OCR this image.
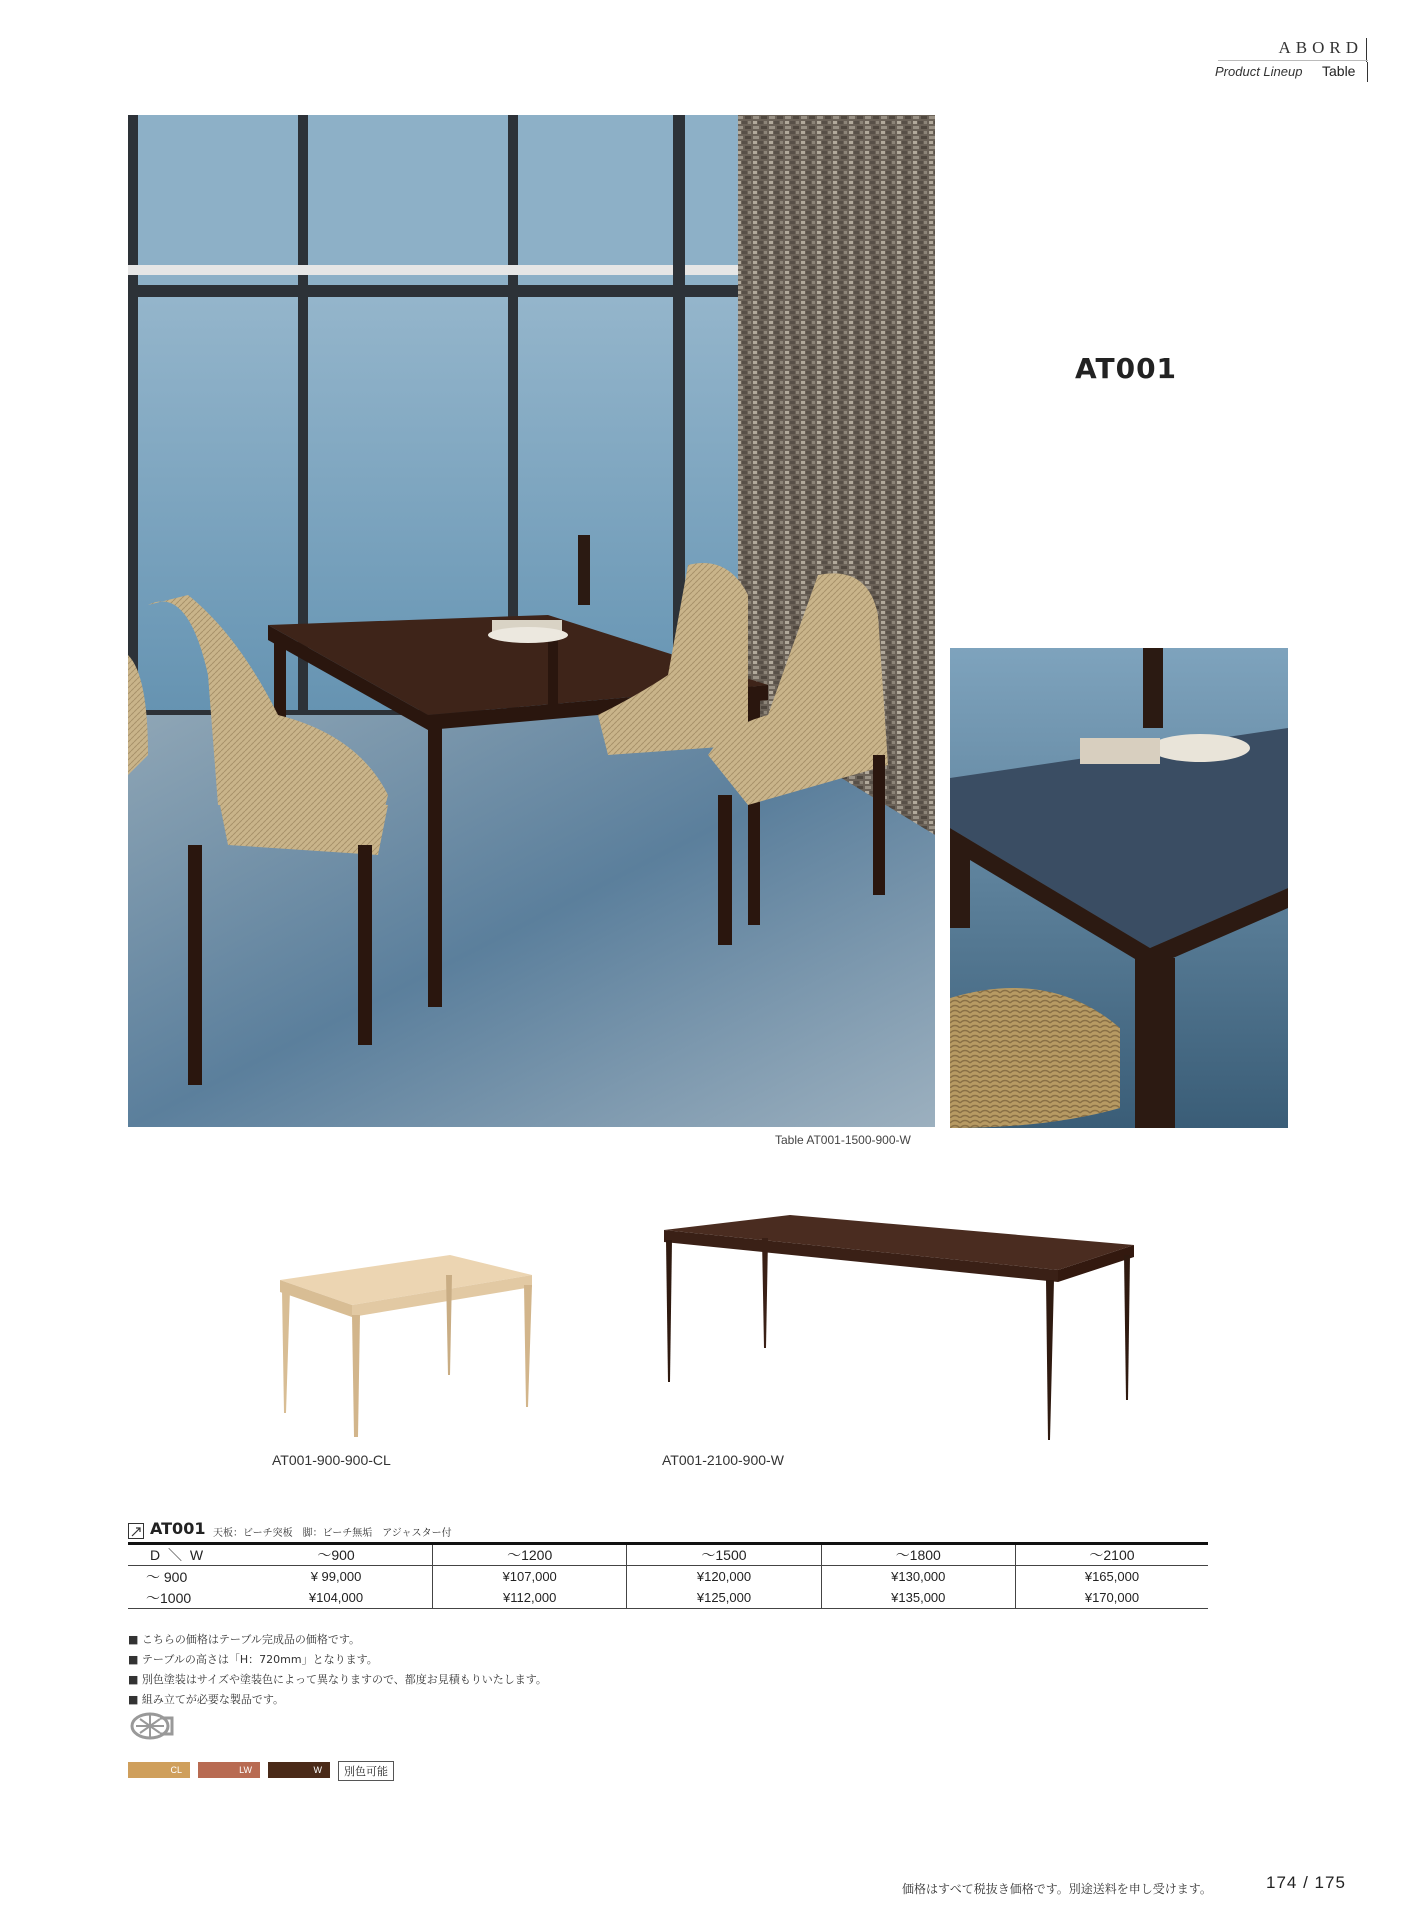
ABORD
Product Lineup Table
Table AT001-1500-900-W
AT001
AT001-900-900-CL	AT001-2100-900-W
AT001 天板：ビーチ突板　脚：ビーチ無垢　アジャスター付
D ＼ W	～900	～1200	～1500	～1800	～2100
～ 900	¥ 99,000	¥107,000	¥120,000	¥130,000	¥165,000
～1000	¥104,000	¥112,000	¥125,000	¥135,000	¥170,000
■ こちらの価格はテーブル完成品の価格です。
■ テーブルの高さは「H：720mm」となります。
■ 別色塗装はサイズや塗装色によって異なりますので、都度お見積もりいたします。
■ 組み立てが必要な製品です。
CL	LW	W	別色可能
価格はすべて税抜き価格です。別途送料を申し受けます。	174 / 175
